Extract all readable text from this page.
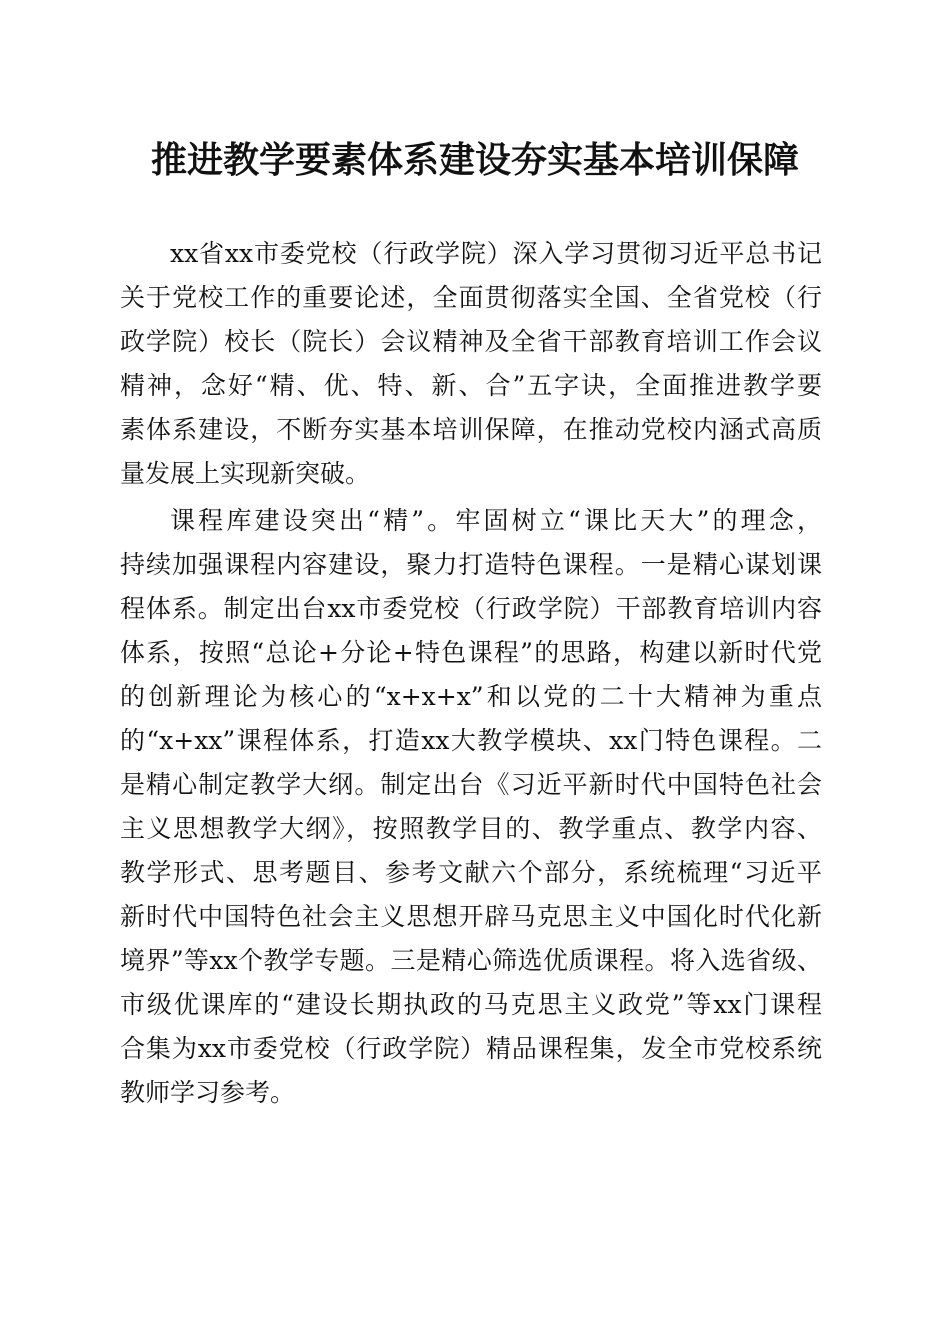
推进教学要素体系建设夯实基本培训保障

xx省xx市委党校（行政学院）深入学习贯彻习近平总书记

关于党校工作的重要论述，全面贯彻落实全国、全省党校（行

政学院）校长（院长）会议精神及全省干部教育培训工作会议

精神，念好“精、优、特、新、合”五字诀，全面推进教学要

素体系建设，不断夯实基本培训保障，在推动党校内涵式高质

量发展上实现新突破。

课程库建设突出“精”。牢固树立“课比天大”的理念，

持续加强课程内容建设，聚力打造特色课程。一是精心谋划课

程体系。制定出台xx市委党校（行政学院）干部教育培训内容

体系，按照“总论+分论+特色课程”的思路，构建以新时代党

的创新理论为核心的“x+x+x”和以党的二十大精神为重点

的“x+xx”课程体系，打造xx大教学模块、xx门特色课程。二

是精心制定教学大纲。制定出台《习近平新时代中国特色社会

主义思想教学大纲》，按照教学目的、教学重点、教学内容、

教学形式、思考题目、参考文献六个部分，系统梳理“习近平

新时代中国特色社会主义思想开辟马克思主义中国化时代化新

境界”等xx个教学专题。三是精心筛选优质课程。将入选省级、

市级优课库的“建设长期执政的马克思主义政党”等xx门课程

合集为xx市委党校（行政学院）精品课程集，发全市党校系统

教师学习参考。
